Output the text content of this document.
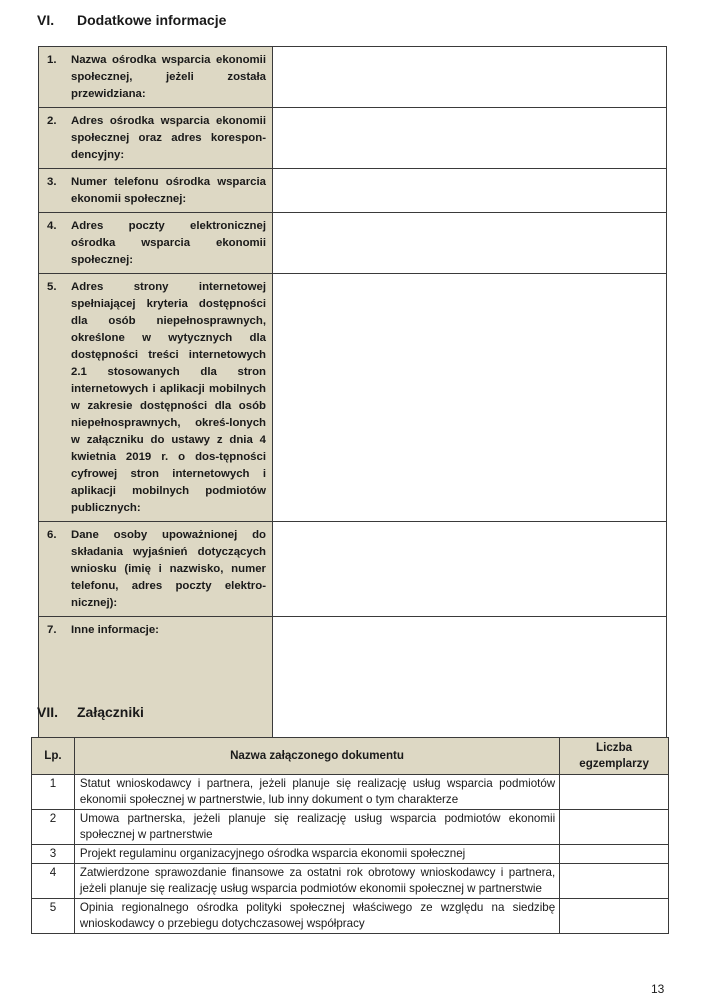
VI. Dodatkowe informacje
1. Nazwa ośrodka wsparcia ekonomii społecznej, jeżeli została przewidziana:	

2. Adres ośrodka wsparcia ekonomii społecznej oraz adres korespon-dencyjny:	

3. Numer telefonu ośrodka wsparcia ekonomii społecznej:	

4. Adres poczty elektronicznej ośrodka wsparcia ekonomii społecznej:	

5. Adres strony internetowej spełniającej kryteria dostępności dla osób niepełnosprawnych, określone w wytycznych dla dostępności treści internetowych 2.1 stosowanych dla stron internetowych i aplikacji mobilnych w zakresie dostępności dla osób niepełnosprawnych, okreś-lonych w załączniku do ustawy z dnia 4 kwietnia 2019 r. o dos-tępności cyfrowej stron internetowych i aplikacji mobilnych podmiotów publicznych:	

6. Dane osoby upoważnionej do składania wyjaśnień dotyczących wniosku (imię i nazwisko, numer telefonu, adres poczty elektro-nicznej):	

7. Inne informacje:	

VII. Załączniki
Lp.	Nazwa załączonego dokumentu	Liczba egzemplarzy
1	Statut wnioskodawcy i partnera, jeżeli planuje się realizację usług wsparcia podmiotów ekonomii społecznej w partnerstwie, lub inny dokument o tym charakterze	
2	Umowa partnerska, jeżeli planuje się realizację usług wsparcia podmiotów ekonomii społecznej w partnerstwie	
3	Projekt regulaminu organizacyjnego ośrodka wsparcia ekonomii społecznej	
4	Zatwierdzone sprawozdanie finansowe za ostatni rok obrotowy wnioskodawcy i partnera, jeżeli planuje się realizację usług wsparcia podmiotów ekonomii społecznej w partnerstwie	
5	Opinia regionalnego ośrodka polityki społecznej właściwego ze względu na siedzibę wnioskodawcy o przebiegu dotychczasowej współpracy	
13
